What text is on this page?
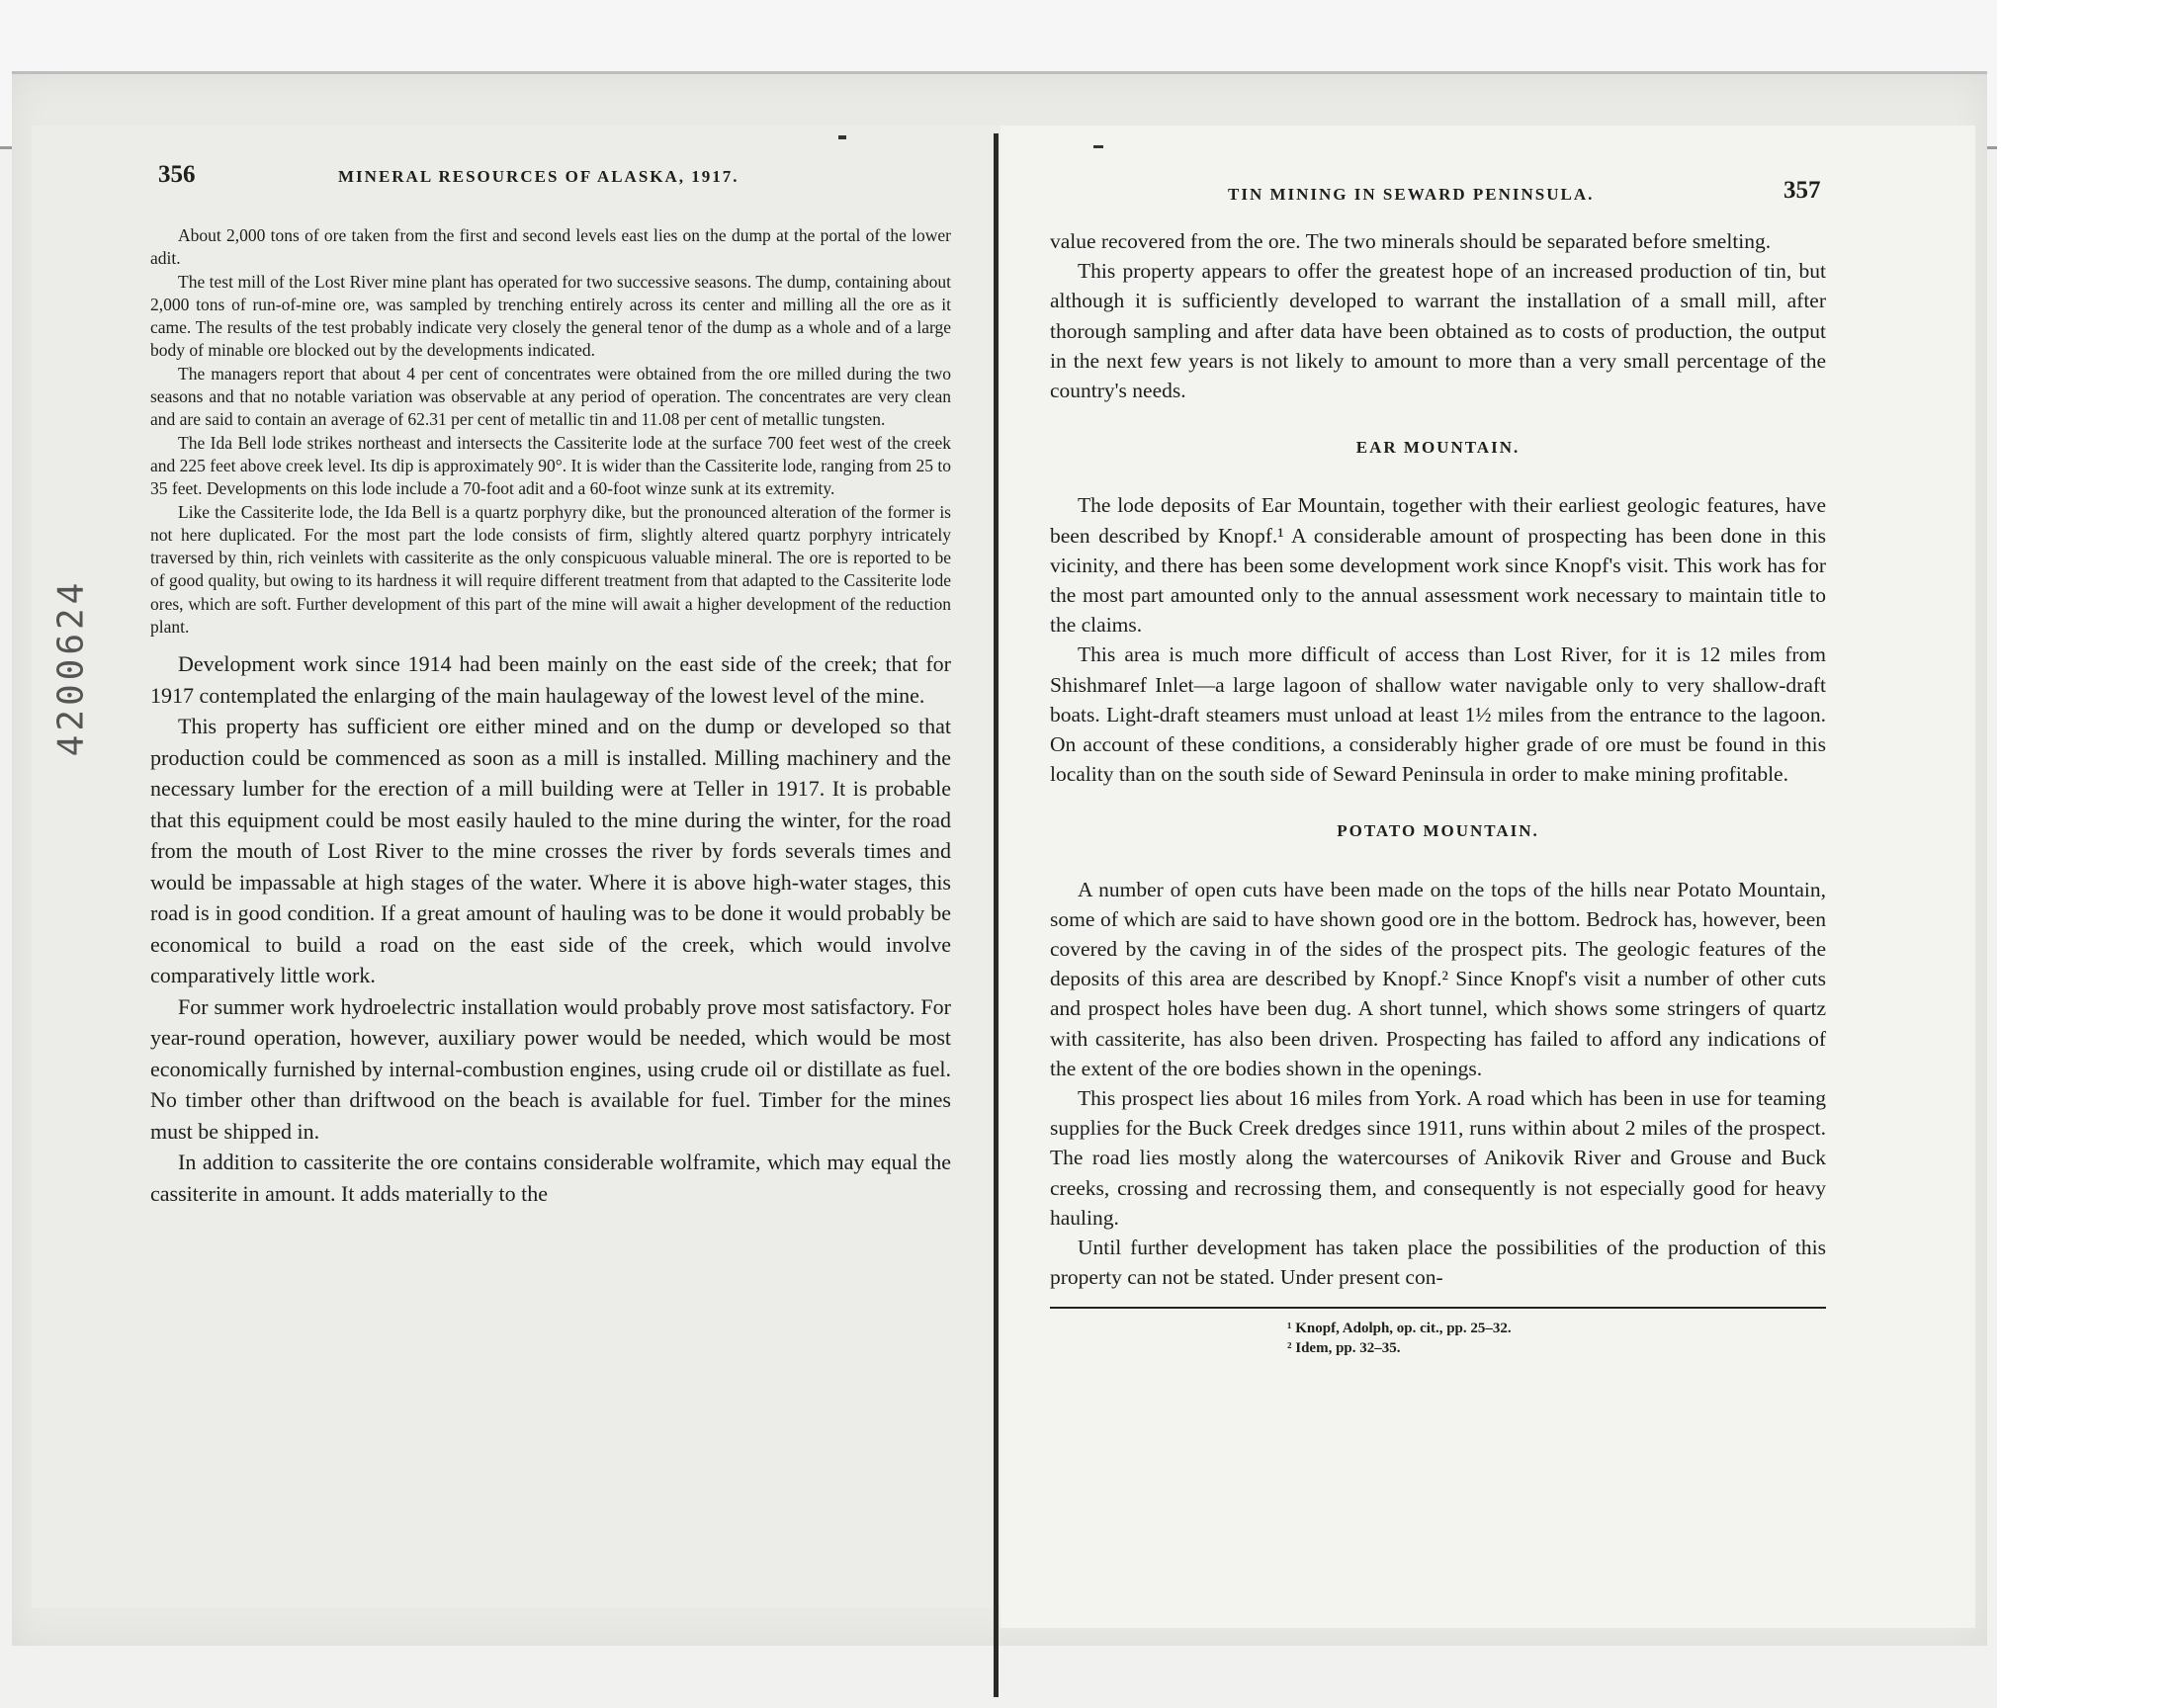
4200624
356	MINERAL RESOURCES OF ALASKA, 1917.

About 2,000 tons of ore taken from the first and second levels east lies on the dump at the portal of the lower adit.

The test mill of the Lost River mine plant has operated for two successive seasons. The dump, containing about 2,000 tons of run-of-mine ore, was sampled by trenching entirely across its center and milling all the ore as it came. The results of the test probably indicate very closely the general tenor of the dump as a whole and of a large body of minable ore blocked out by the developments indicated.

The managers report that about 4 per cent of concentrates were obtained from the ore milled during the two seasons and that no notable variation was observable at any period of operation. The concentrates are very clean and are said to contain an average of 62.31 per cent of metallic tin and 11.08 per cent of metallic tungsten.

The Ida Bell lode strikes northeast and intersects the Cassiterite lode at the surface 700 feet west of the creek and 225 feet above creek level. Its dip is approximately 90°. It is wider than the Cassiterite lode, ranging from 25 to 35 feet. Developments on this lode include a 70-foot adit and a 60-foot winze sunk at its extremity.

Like the Cassiterite lode, the Ida Bell is a quartz porphyry dike, but the pronounced alteration of the former is not here duplicated. For the most part the lode consists of firm, slightly altered quartz porphyry intricately traversed by thin, rich veinlets with cassiterite as the only conspicuous valuable mineral. The ore is reported to be of good quality, but owing to its hardness it will require different treatment from that adapted to the Cassiterite lode ores, which are soft. Further development of this part of the mine will await a higher development of the reduction plant.

Development work since 1914 had been mainly on the east side of the creek; that for 1917 contemplated the enlarging of the main haulageway of the lowest level of the mine.

This property has sufficient ore either mined and on the dump or developed so that production could be commenced as soon as a mill is installed. Milling machinery and the necessary lumber for the erection of a mill building were at Teller in 1917. It is probable that this equipment could be most easily hauled to the mine during the winter, for the road from the mouth of Lost River to the mine crosses the river by fords severals times and would be impassable at high stages of the water. Where it is above high-water stages, this road is in good condition. If a great amount of hauling was to be done it would probably be economical to build a road on the east side of the creek, which would involve comparatively little work.

For summer work hydroelectric installation would probably prove most satisfactory. For year-round operation, however, auxiliary power would be needed, which would be most economically furnished by internal-combustion engines, using crude oil or distillate as fuel. No timber other than driftwood on the beach is available for fuel. Timber for the mines must be shipped in.

In addition to cassiterite the ore contains considerable wolframite, which may equal the cassiterite in amount. It adds materially to the

TIN MINING IN SEWARD PENINSULA.	357

value recovered from the ore. The two minerals should be separated before smelting.

This property appears to offer the greatest hope of an increased production of tin, but although it is sufficiently developed to warrant the installation of a small mill, after thorough sampling and after data have been obtained as to costs of production, the output in the next few years is not likely to amount to more than a very small percentage of the country's needs.

EAR MOUNTAIN.

The lode deposits of Ear Mountain, together with their earliest geologic features, have been described by Knopf.¹ A considerable amount of prospecting has been done in this vicinity, and there has been some development work since Knopf's visit. This work has for the most part amounted only to the annual assessment work necessary to maintain title to the claims.

This area is much more difficult of access than Lost River, for it is 12 miles from Shishmaref Inlet—a large lagoon of shallow water navigable only to very shallow-draft boats. Light-draft steamers must unload at least 1½ miles from the entrance to the lagoon. On account of these conditions, a considerably higher grade of ore must be found in this locality than on the south side of Seward Peninsula in order to make mining profitable.

POTATO MOUNTAIN.

A number of open cuts have been made on the tops of the hills near Potato Mountain, some of which are said to have shown good ore in the bottom. Bedrock has, however, been covered by the caving in of the sides of the prospect pits. The geologic features of the deposits of this area are described by Knopf.² Since Knopf's visit a number of other cuts and prospect holes have been dug. A short tunnel, which shows some stringers of quartz with cassiterite, has also been driven. Prospecting has failed to afford any indications of the extent of the ore bodies shown in the openings.

This prospect lies about 16 miles from York. A road which has been in use for teaming supplies for the Buck Creek dredges since 1911, runs within about 2 miles of the prospect. The road lies mostly along the watercourses of Anikovik River and Grouse and Buck creeks, crossing and recrossing them, and consequently is not especially good for heavy hauling.

Until further development has taken place the possibilities of the production of this property can not be stated. Under present con-

¹ Knopf, Adolph, op. cit., pp. 25–32.

² Idem, pp. 32–35.
